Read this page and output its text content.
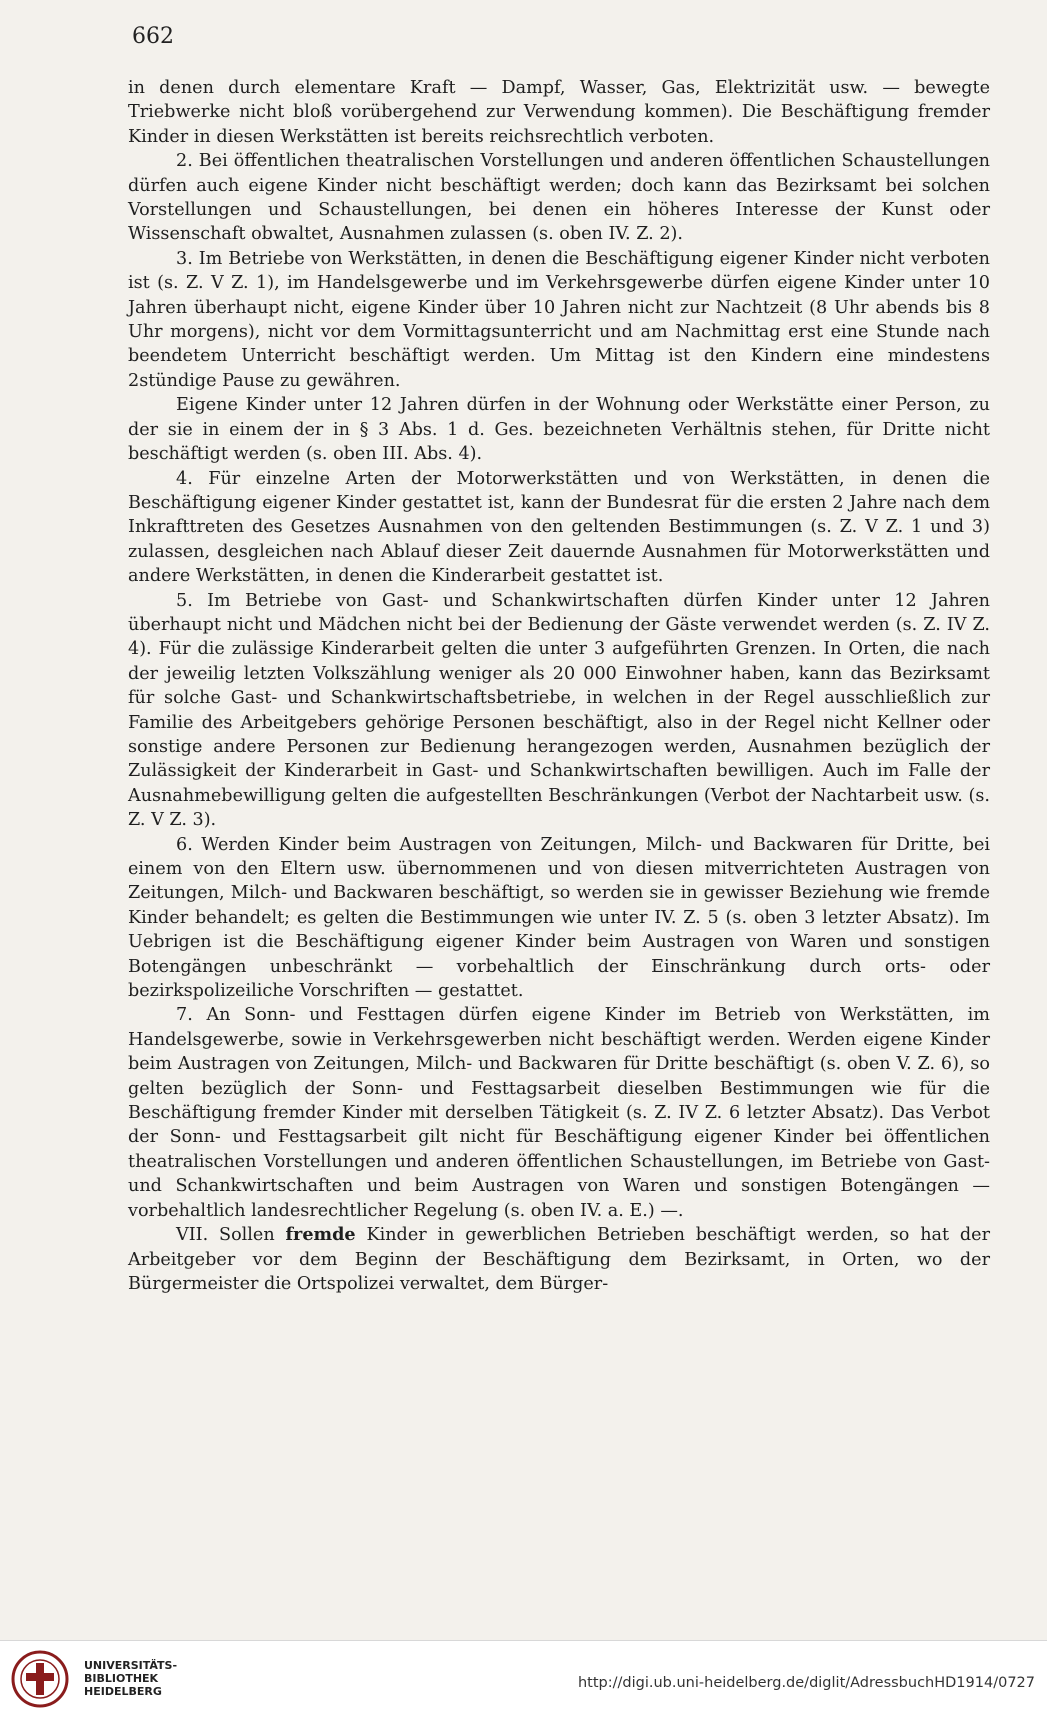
662

in denen durch elementare Kraft — Dampf, Wasser, Gas, Elektrizität usw. — bewegte Triebwerke nicht bloß vorübergehend zur Verwendung kommen). Die Beschäftigung fremder Kinder in diesen Werkstätten ist bereits reichsrechtlich verboten.

2. Bei öffentlichen theatralischen Vorstellungen und anderen öffentlichen Schaustellungen dürfen auch eigene Kinder nicht beschäftigt werden; doch kann das Bezirksamt bei solchen Vorstellungen und Schaustellungen, bei denen ein höheres Interesse der Kunst oder Wissenschaft obwaltet, Ausnahmen zulassen (s. oben IV. Z. 2).

3. Im Betriebe von Werkstätten, in denen die Beschäftigung eigener Kinder nicht verboten ist (s. Z. V Z. 1), im Handelsgewerbe und im Verkehrsgewerbe dürfen eigene Kinder unter 10 Jahren überhaupt nicht, eigene Kinder über 10 Jahren nicht zur Nachtzeit (8 Uhr abends bis 8 Uhr morgens), nicht vor dem Vormittagsunterricht und am Nachmittag erst eine Stunde nach beendetem Unterricht beschäftigt werden. Um Mittag ist den Kindern eine mindestens 2stündige Pause zu gewähren.

Eigene Kinder unter 12 Jahren dürfen in der Wohnung oder Werkstätte einer Person, zu der sie in einem der in § 3 Abs. 1 d. Ges. bezeichneten Verhältnis stehen, für Dritte nicht beschäftigt werden (s. oben III. Abs. 4).

4. Für einzelne Arten der Motorwerkstätten und von Werkstätten, in denen die Beschäftigung eigener Kinder gestattet ist, kann der Bundesrat für die ersten 2 Jahre nach dem Inkrafttreten des Gesetzes Ausnahmen von den geltenden Bestimmungen (s. Z. V Z. 1 und 3) zulassen, desgleichen nach Ablauf dieser Zeit dauernde Ausnahmen für Motorwerkstätten und andere Werkstätten, in denen die Kinderarbeit gestattet ist.

5. Im Betriebe von Gast- und Schankwirtschaften dürfen Kinder unter 12 Jahren überhaupt nicht und Mädchen nicht bei der Bedienung der Gäste verwendet werden (s. Z. IV Z. 4). Für die zulässige Kinderarbeit gelten die unter 3 aufgeführten Grenzen. In Orten, die nach der jeweilig letzten Volkszählung weniger als 20 000 Einwohner haben, kann das Bezirksamt für solche Gast- und Schankwirtschaftsbetriebe, in welchen in der Regel ausschließlich zur Familie des Arbeitgebers gehörige Personen beschäftigt, also in der Regel nicht Kellner oder sonstige andere Personen zur Bedienung herangezogen werden, Ausnahmen bezüglich der Zulässigkeit der Kinderarbeit in Gast- und Schankwirtschaften bewilligen. Auch im Falle der Ausnahmebewilligung gelten die aufgestellten Beschränkungen (Verbot der Nachtarbeit usw. (s. Z. V Z. 3).

6. Werden Kinder beim Austragen von Zeitungen, Milch- und Backwaren für Dritte, bei einem von den Eltern usw. übernommenen und von diesen mitverrichteten Austragen von Zeitungen, Milch- und Backwaren beschäftigt, so werden sie in gewisser Beziehung wie fremde Kinder behandelt; es gelten die Bestimmungen wie unter IV. Z. 5 (s. oben 3 letzter Absatz). Im Uebrigen ist die Beschäftigung eigener Kinder beim Austragen von Waren und sonstigen Botengängen unbeschränkt — vorbehaltlich der Einschränkung durch orts- oder bezirkspolizeiliche Vorschriften — gestattet.

7. An Sonn- und Festtagen dürfen eigene Kinder im Betrieb von Werkstätten, im Handelsgewerbe, sowie in Verkehrsgewerben nicht beschäftigt werden. Werden eigene Kinder beim Austragen von Zeitungen, Milch- und Backwaren für Dritte beschäftigt (s. oben V. Z. 6), so gelten bezüglich der Sonn- und Festtagsarbeit dieselben Bestimmungen wie für die Beschäftigung fremder Kinder mit derselben Tätigkeit (s. Z. IV Z. 6 letzter Absatz). Das Verbot der Sonn- und Festtagsarbeit gilt nicht für Beschäftigung eigener Kinder bei öffentlichen theatralischen Vorstellungen und anderen öffentlichen Schaustellungen, im Betriebe von Gast- und Schankwirtschaften und beim Austragen von Waren und sonstigen Botengängen — vorbehaltlich landesrechtlicher Regelung (s. oben IV. a. E.) —.

VII. Sollen fremde Kinder in gewerblichen Betrieben beschäftigt werden, so hat der Arbeitgeber vor dem Beginn der Beschäftigung dem Bezirksamt, in Orten, wo der Bürgermeister die Ortspolizei verwaltet, dem Bürger-

UNIVERSITÄTS-
BIBLIOTHEK
HEIDELBERG
http://digi.ub.uni-heidelberg.de/diglit/AdressbuchHD1914/0727
